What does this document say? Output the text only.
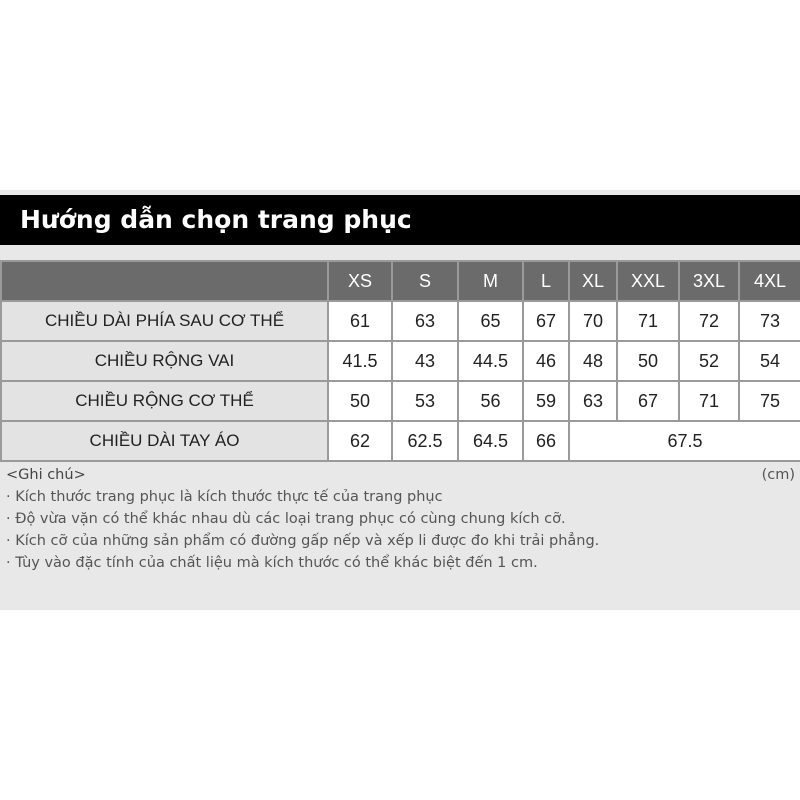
Hướng dẫn chọn trang phục
	XS	S	M	L	XL	XXL	3XL	4XL
CHIỀU DÀI PHÍA SAU CƠ THỂ	61	63	65	67	70	71	72	73
CHIỀU RỘNG VAI	41.5	43	44.5	46	48	50	52	54
CHIỀU RỘNG CƠ THỂ	50	53	56	59	63	67	71	75
CHIỀU DÀI TAY ÁO	62	62.5	64.5	66	67.5			
<Ghi chú>
· Kích thước trang phục là kích thước thực tế của trang phục
· Độ vừa vặn có thể khác nhau dù các loại trang phục có cùng chung kích cỡ.
· Kích cỡ của những sản phẩm có đường gấp nếp và xếp li được đo khi trải phẳng.
· Tùy vào đặc tính của chất liệu mà kích thước có thể khác biệt đến 1 cm.
(cm)
